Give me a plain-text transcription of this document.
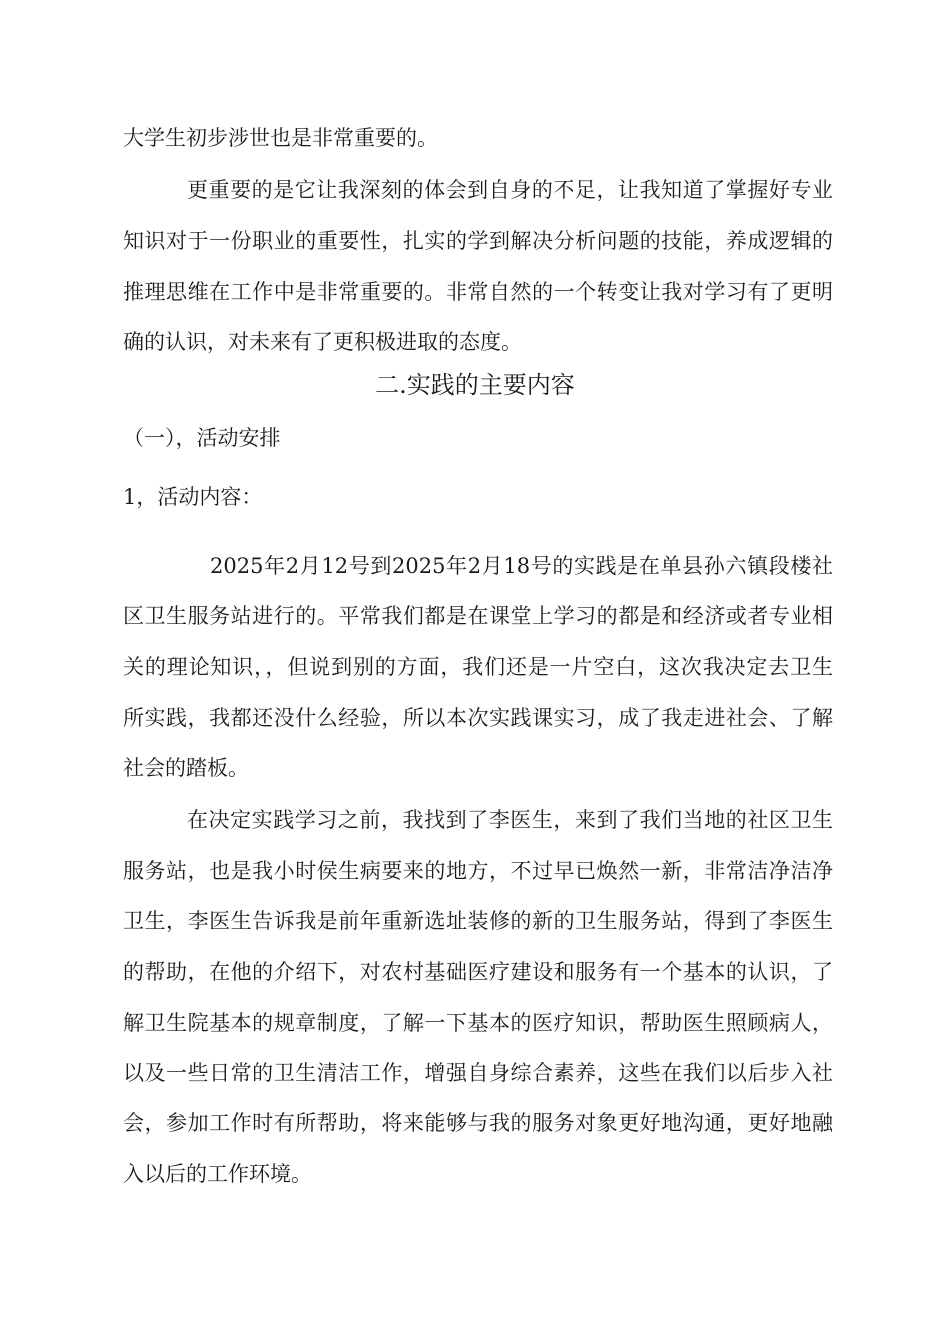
大学生初步涉世也是非常重要的。
更重要的是它让我深刻的体会到自身的不足，让我知道了掌握好专业
知识对于一份职业的重要性，扎实的学到解决分析问题的技能，养成逻辑的
推理思维在工作中是非常重要的。非常自然的一个转变让我对学习有了更明
确的认识，对未来有了更积极进取的态度。
二.实践的主要内容
（一），活动安排
1，活动内容：
2025年2月12号到2025年2月18号的实践是在单县孙六镇段楼社
区卫生服务站进行的。平常我们都是在课堂上学习的都是和经济或者专业相
关的理论知识，，但说到别的方面，我们还是一片空白，这次我决定去卫生
所实践，我都还没什么经验，所以本次实践课实习，成了我走进社会、了解
社会的踏板。
在决定实践学习之前，我找到了李医生，来到了我们当地的社区卫生
服务站，也是我小时侯生病要来的地方，不过早已焕然一新，非常洁净洁净
卫生，李医生告诉我是前年重新选址装修的新的卫生服务站，得到了李医生
的帮助，在他的介绍下，对农村基础医疗建设和服务有一个基本的认识，了
解卫生院基本的规章制度，了解一下基本的医疗知识，帮助医生照顾病人，
以及一些日常的卫生清洁工作，增强自身综合素养，这些在我们以后步入社
会，参加工作时有所帮助，将来能够与我的服务对象更好地沟通，更好地融
入以后的工作环境。
